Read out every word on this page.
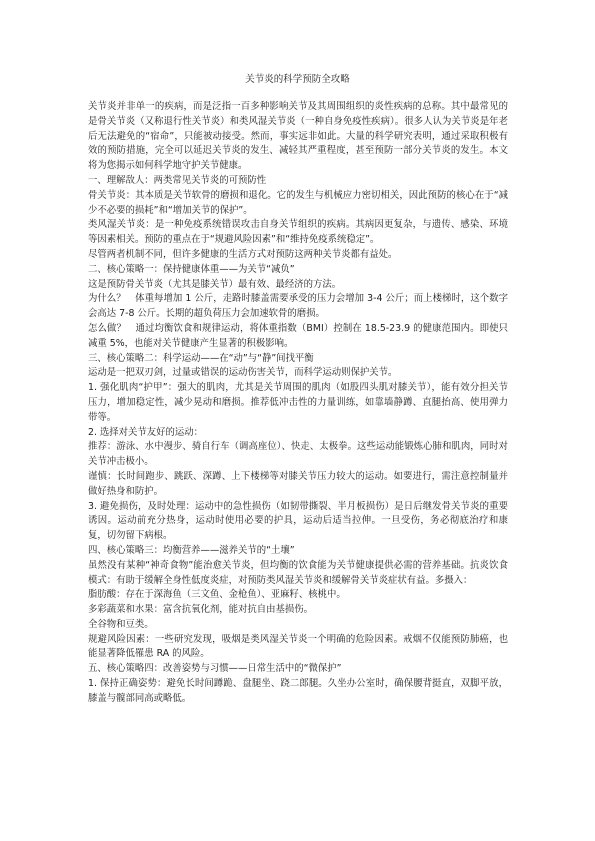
关节炎的科学预防全攻略

关节炎并非单一的疾病，而是泛指一百多种影响关节及其周围组织的炎性疾病的总称。其中最常见的是骨关节炎（又称退行性关节炎）和类风湿关节炎（一种自身免疫性疾病）。很多人认为关节炎是年老后无法避免的“宿命”，只能被动接受。然而，事实远非如此。大量的科学研究表明，通过采取积极有效的预防措施，完全可以延迟关节炎的发生、减轻其严重程度，甚至预防一部分关节炎的发生。本文将为您揭示如何科学地守护关节健康。

一、理解敌人：两类常见关节炎的可预防性

骨关节炎：其本质是关节软骨的磨损和退化。它的发生与机械应力密切相关，因此预防的核心在于“减少不必要的损耗”和“增加关节的保护”。

类风湿关节炎：是一种免疫系统错误攻击自身关节组织的疾病。其病因更复杂，与遗传、感染、环境等因素相关。预防的重点在于“规避风险因素”和“维持免疫系统稳定”。

尽管两者机制不同，但许多健康的生活方式对预防这两种关节炎都有益处。

二、核心策略一：保持健康体重——为关节“减负”

这是预防骨关节炎（尤其是膝关节）最有效、最经济的方法。

为什么？　体重每增加 1 公斤，走路时膝盖需要承受的压力会增加 3-4 公斤；而上楼梯时，这个数字会高达 7-8 公斤。长期的超负荷压力会加速软骨的磨损。

怎么做？　通过均衡饮食和规律运动，将体重指数（BMI）控制在 18.5-23.9 的健康范围内。即使只减重 5%，也能对关节健康产生显著的积极影响。

三、核心策略二：科学运动——在“动”与“静”间找平衡

运动是一把双刃剑，过量或错误的运动伤害关节，而科学运动则保护关节。

1. 强化肌肉“护甲”：强大的肌肉，尤其是关节周围的肌肉（如股四头肌对膝关节），能有效分担关节压力，增加稳定性，减少晃动和磨损。推荐低冲击性的力量训练，如靠墙静蹲、直腿抬高、使用弹力带等。

2. 选择对关节友好的运动：

推荐：游泳、水中漫步、骑自行车（调高座位）、快走、太极拳。这些运动能锻炼心肺和肌肉，同时对关节冲击极小。

谨慎：长时间跑步、跳跃、深蹲、上下楼梯等对膝关节压力较大的运动。如要进行，需注意控制量并做好热身和防护。

3. 避免损伤，及时处理：运动中的急性损伤（如韧带撕裂、半月板损伤）是日后继发骨关节炎的重要诱因。运动前充分热身，运动时使用必要的护具，运动后适当拉伸。一旦受伤，务必彻底治疗和康复，切勿留下病根。

四、核心策略三：均衡营养——滋养关节的“土壤”

虽然没有某种“神奇食物”能治愈关节炎，但均衡的饮食能为关节健康提供必需的营养基础。抗炎饮食模式：有助于缓解全身性低度炎症，对预防类风湿关节炎和缓解骨关节炎症状有益。多摄入：

脂肪酸：存在于深海鱼（三文鱼、金枪鱼）、亚麻籽、核桃中。

多彩蔬菜和水果：富含抗氧化剂，能对抗自由基损伤。

全谷物和豆类。

规避风险因素：一些研究发现，吸烟是类风湿关节炎一个明确的危险因素。戒烟不仅能预防肺癌，也能显著降低罹患 RA 的风险。

五、核心策略四：改善姿势与习惯——日常生活中的“微保护”

1. 保持正确姿势：避免长时间蹲跪、盘腿坐、跷二郎腿。久坐办公室时，确保腰背挺直，双脚平放，膝盖与髋部同高或略低。
